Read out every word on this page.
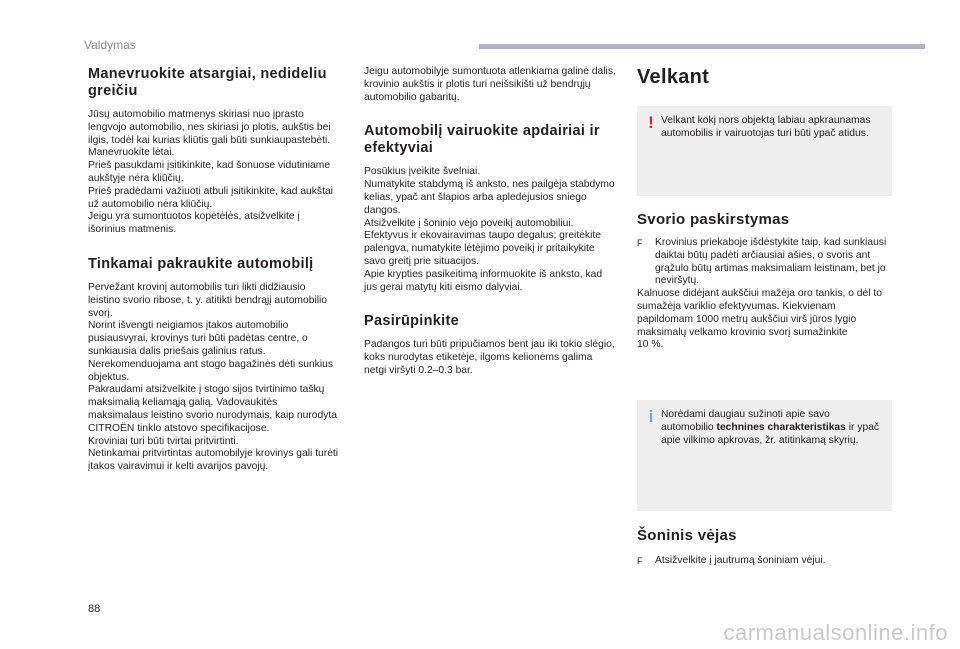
Valdymas
Manevruokite atsargiai, nedideliu greičiu

Jūsų automobilio matmenys skiriasi nuo įprasto lengvojo automobilio, nes skiriasi jo plotis, aukštis bei ilgis, todėl kai kurias kliūtis gali būti sunkiaupastebėti.
Manevruokite lėtai.
Prieš pasukdami įsitikinkite, kad šonuose vidutiniame aukštyje nėra kliūčių.
Prieš pradėdami važiuoti atbuli įsitikinkite, kad aukštai už automobilio nėra kliūčių.
Jeigu yra sumontuotos kopėtėlės, atsižvelkite į išorinius matmenis.

Tinkamai pakraukite automobilį

Pervežant krovinį automobilis turi likti didžiausio leistino svorio ribose, t. y. atitikti bendrąjį automobilio svorį.
Norint išvengti neigiamos įtakos automobilio pusiausvyrai, krovinys turi būti padėtas centre, o sunkiausia dalis priešais galinius ratus.
Nerekomenduojama ant stogo bagažinės dėti sunkius objektus.
Pakraudami atsižvelkite į stogo sijos tvirtinimo taškų maksimalią keliamąją galią. Vadovaukitės maksimalaus leistino svorio nurodymais, kaip nurodyta CITROËN tinklo atstovo specifikacijose.
Kroviniai turi būti tvirtai pritvirtinti.
Netinkamai pritvirtintas automobilyje krovinys gali turėti įtakos vairavimui ir kelti avarijos pavojų.

Jeigu automobilyje sumontuota atlenkiama galinė dalis, krovinio aukštis ir plotis turi neišsikišti už bendrųjų automobilio gabaritų.

Automobilį vairuokite apdairiai ir efektyviai

Posūkius įveikite švelniai.
Numatykite stabdymą iš anksto, nes pailgėja stabdymo kelias, ypač ant šlapios arba apledėjusios sniego dangos.
Atsižvelkite į šoninio vėjo poveikį automobiliui.
Efektyvus ir ekovairavimas taupo degalus; greitėkite palengva, numatykite lėtėjimo poveikį ir pritaikykite savo greitį prie situacijos.
Apie krypties pasikeitimą informuokite iš anksto, kad jus gerai matytų kiti eismo dalyviai.

Pasirūpinkite

Padangos turi būti pripučiamos bent jau iki tokio slėgio, koks nurodytas etiketėje, ilgoms kelionėms galima netgi viršyti 0.2–0.3 bar.

Velkant
! Velkant kokį nors objektą labiau apkraunamas automobilis ir vairuotojas turi būti ypač atidus.

Svorio paskirstymas
F	Krovinius priekaboje išdėstykite taip, kad sunkiausi daiktai būtų padėti arčiausiai ašies, o svoris ant grąžulo būtų artimas maksimaliam leistinam, bet jo neviršytų.

Kalnuose didėjant aukščiui mažėja oro tankis, o dėl to sumažėja variklio efektyvumas. Kiekvienam papildomam 1000 metrų aukščiui virš jūros lygio maksimalų velkamo krovinio svorį sumažinkite
10 %.

i Norėdami daugiau sužinoti apie savo automobilio technines charakteristikas ir ypač apie vilkimo apkrovas, žr. atitinkamą skyrių.

Šoninis vėjas
F	Atsižvelkite į jautrumą šoniniam vėjui.

88
carmanualsonline.info
